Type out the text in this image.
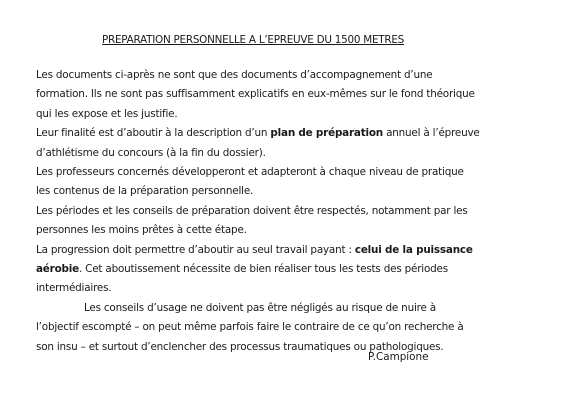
PREPARATION PERSONNELLE A L’EPREUVE DU 1500 METRES
Les documents ci-après ne sont que des documents d’accompagnement d’une
formation. Ils ne sont pas suffisamment explicatifs en eux-mêmes sur le fond théorique
qui les expose et les justifie.
Leur finalité est d’aboutir à la description d’un plan de préparation annuel à l’épreuve
d’athlétisme du concours (à la fin du dossier).
Les professeurs concernés développeront et adapteront à chaque niveau de pratique
les contenus de la préparation personnelle.
Les périodes et les conseils de préparation doivent être respectés, notamment par les
personnes les moins prêtes à cette étape.
La progression doit permettre d’aboutir au seul travail payant : celui de la puissance
aérobie. Cet aboutissement nécessite de bien réaliser tous les tests des périodes
intermédiaires.
Les conseils d’usage ne doivent pas être négligés au risque de nuire à
l’objectif escompté – on peut même parfois faire le contraire de ce qu’on recherche à
son insu – et surtout d’enclencher des processus traumatiques ou pathologiques.
P.Campione
